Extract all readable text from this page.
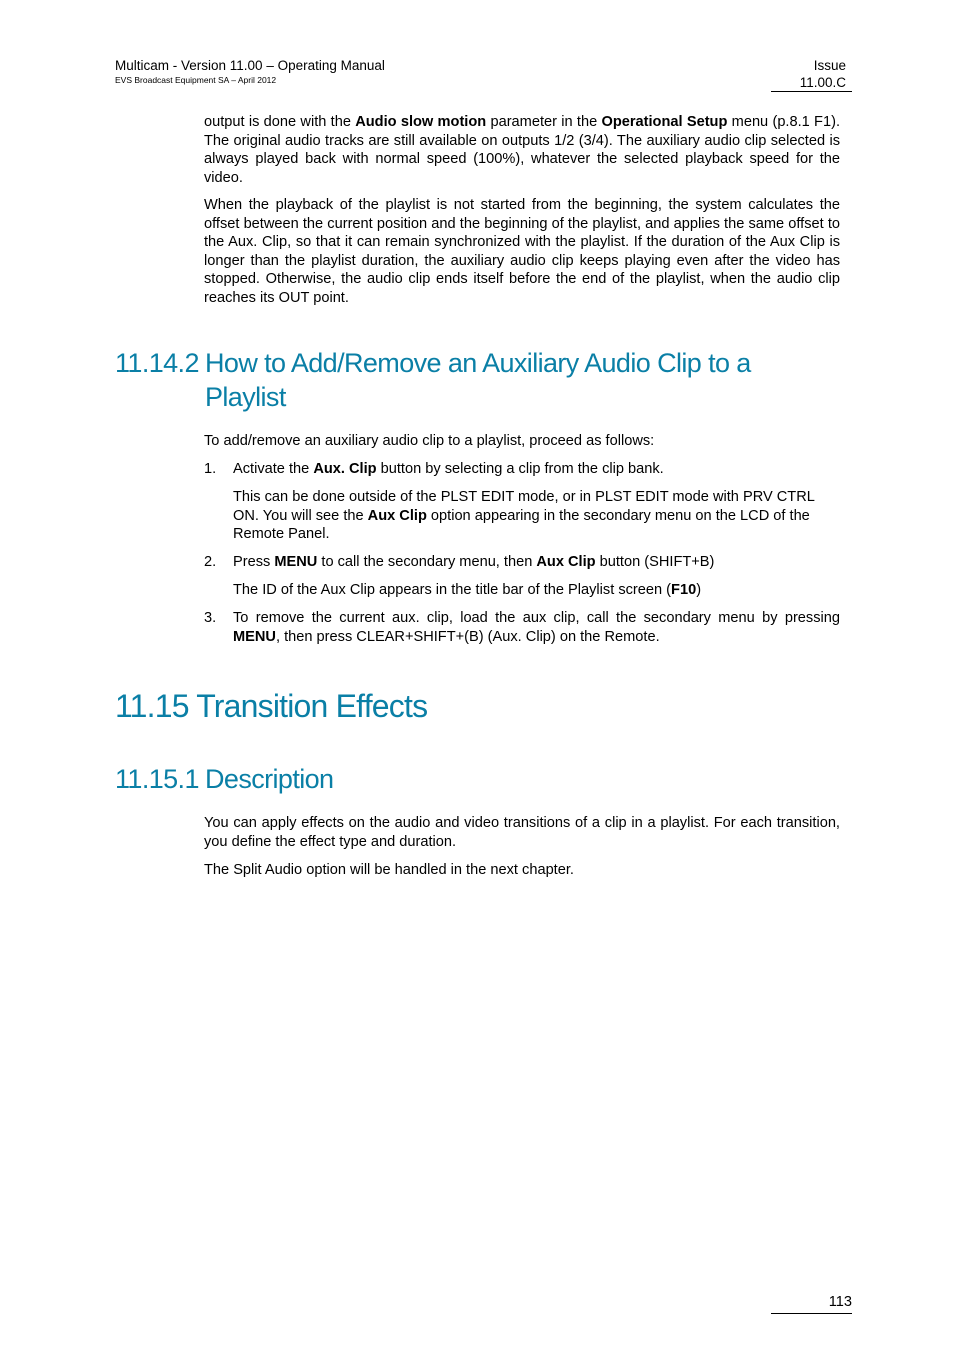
Multicam - Version 11.00 – Operating Manual
EVS Broadcast Equipment SA – April 2012
Issue
11.00.C
output is done with the Audio slow motion parameter in the Operational Setup menu (p.8.1 F1). The original audio tracks are still available on outputs 1/2 (3/4). The auxiliary audio clip selected is always played back with normal speed (100%), whatever the selected playback speed for the video.
When the playback of the playlist is not started from the beginning, the system calculates the offset between the current position and the beginning of the playlist, and applies the same offset to the Aux. Clip, so that it can remain synchronized with the playlist. If the duration of the Aux Clip is longer than the playlist duration, the auxiliary audio clip keeps playing even after the video has stopped. Otherwise, the audio clip ends itself before the end of the playlist, when the audio clip reaches its OUT point.
11.14.2 How to Add/Remove an Auxiliary Audio Clip to a
Playlist
To add/remove an auxiliary audio clip to a playlist, proceed as follows:
1. Activate the Aux. Clip button by selecting a clip from the clip bank.
This can be done outside of the PLST EDIT mode, or in PLST EDIT mode with PRV CTRL ON. You will see the Aux Clip option appearing in the secondary menu on the LCD of the Remote Panel.
2. Press MENU to call the secondary menu, then Aux Clip button (SHIFT+B)
The ID of the Aux Clip appears in the title bar of the Playlist screen (F10)
3. To remove the current aux. clip, load the aux clip, call the secondary menu by pressing MENU, then press CLEAR+SHIFT+(B) (Aux. Clip) on the Remote.
11.15 Transition Effects
11.15.1 Description
You can apply effects on the audio and video transitions of a clip in a playlist. For each transition, you define the effect type and duration.
The Split Audio option will be handled in the next chapter.
113
